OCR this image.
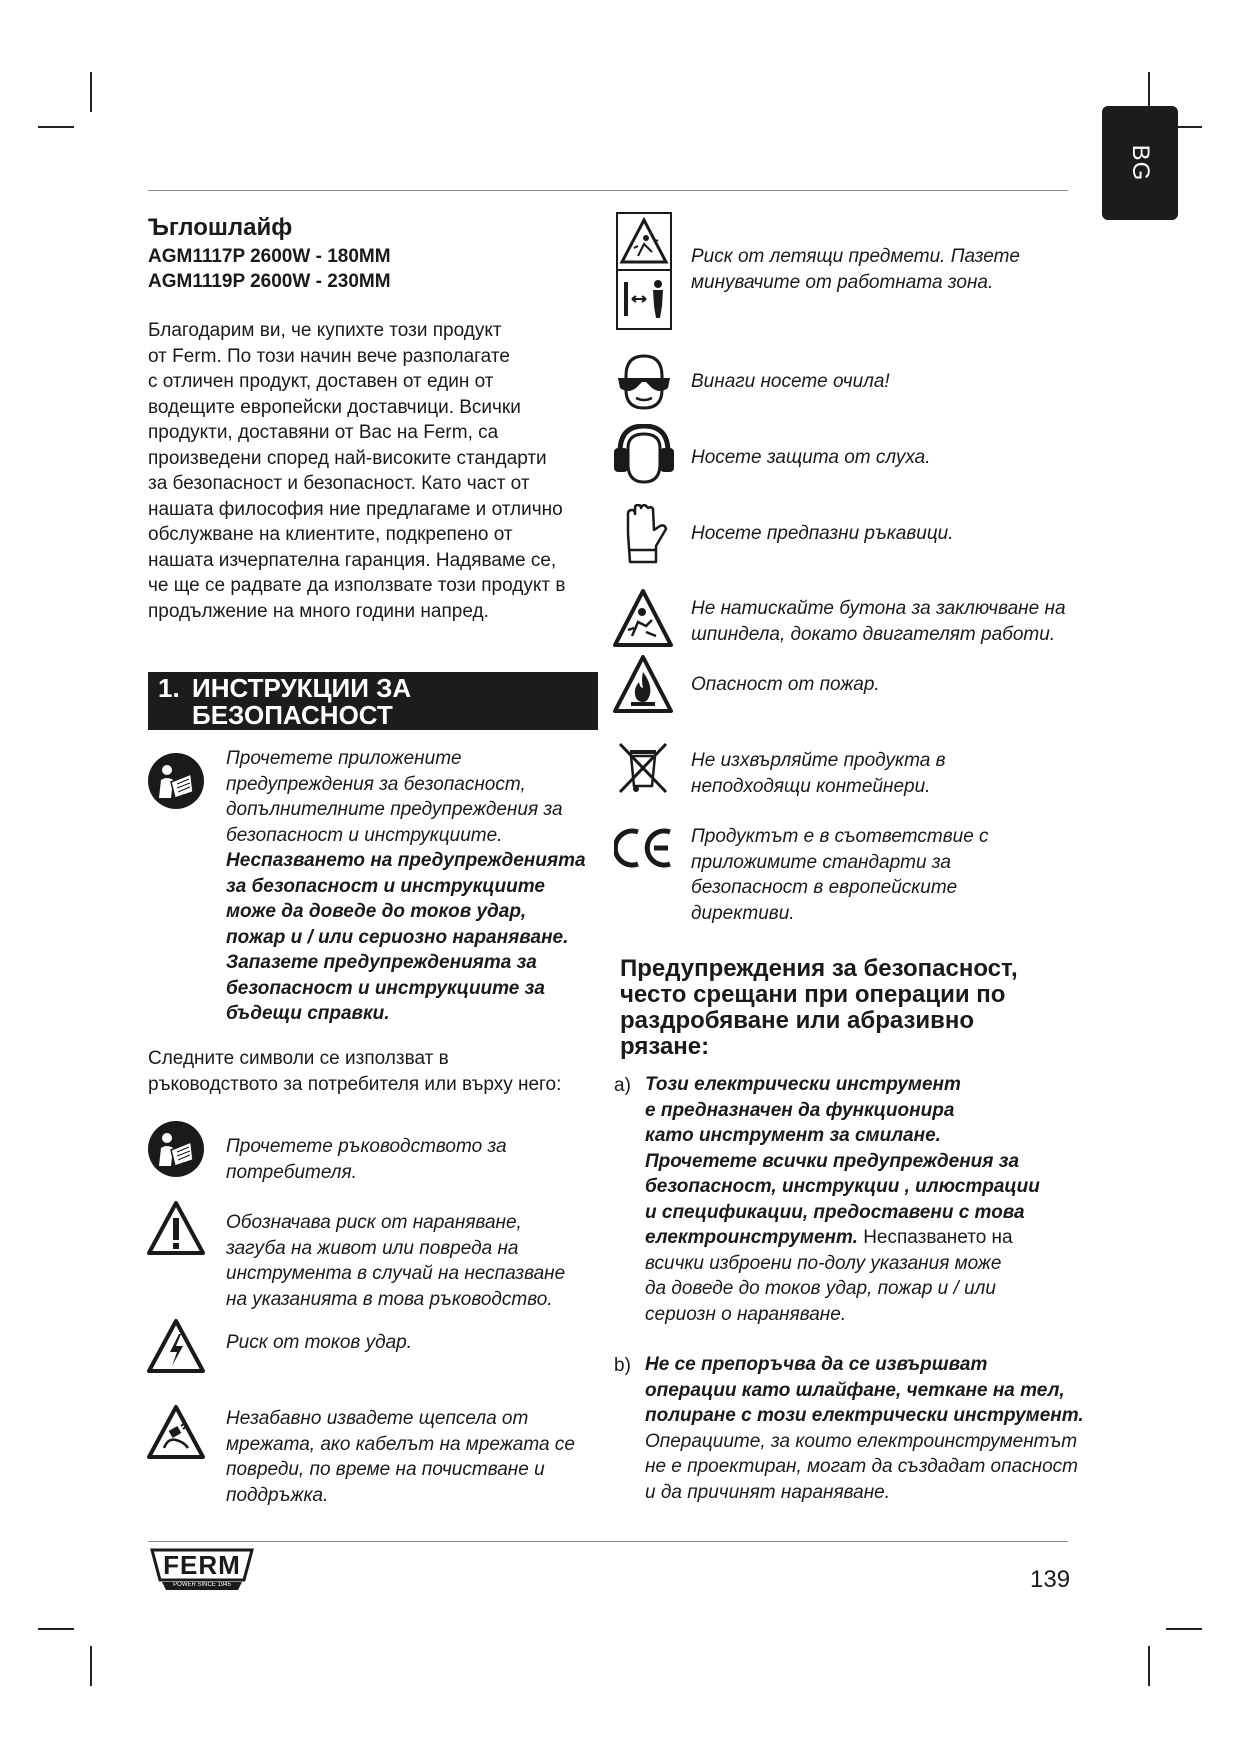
BG
Ъглошлайф
AGM1117P 2600W - 180MM
AGM1119P 2600W - 230MM
Благодарим ви, че купихте този продукт
от Ferm. По този начин вече разполагате
с отличен продукт, доставен от един от
водещите европейски доставчици. Всички
продукти, доставяни от Вас на Ferm, са
произведени според най-високите стандарти
за безопасност и безопасност. Като част от
нашата философия ние предлагаме и отлично
обслужване на клиентите, подкрепено от
нашата изчерпателна гаранция. Надяваме се,
че ще се радвате да използвате този продукт в
продължение на много години напред.
1. ИНСТРУКЦИИ ЗА
БЕЗОПАСНОСТ
Прочетете приложените
предупреждения за безопасност,
допълнителните предупреждения за
безопасност и инструкциите.
Неспазването на предупрежденията
за безопасност и инструкциите
може да доведе до токов удар,
пожар и / или сериозно нараняване.
Запазете предупрежденията за
безопасност и инструкциите за
бъдещи справки.
Следните символи се използват в
ръководството за потребителя или върху него:
Прочетете ръководството за
потребителя.
Обозначава риск от нараняване,
загуба на живот или повреда на
инструмента в случай на неспазване
на указанията в това ръководство.
Риск от токов удар.
Незабавно извадете щепсела от
мрежата, ако кабелът на мрежата се
повреди, по време на почистване и
поддръжка.
Риск от летящи предмети. Пазете
минувачите от работната зона.
Винаги носете очила!
Носете защита от слуха.
Носете предпазни ръкавици.
Не натискайте бутона за заключване на
шпиндела, докато двигателят работи.
Опасност от пожар.
Не изхвърляйте продукта в
неподходящи контейнери.
Продуктът е в съответствие с
приложимите стандарти за
безопасност в европейските
директиви.
Предупреждения за безопасност,
често срещани при операции по
раздробяване или абразивно
рязане:
a) Този електрически инструмент
е предназначен да функционира
като инструмент за смилане.
Прочетете всички предупреждения за
безопасност, инструкции , илюстрации
и спецификации, предоставени с това
електроинструмент. Неспазването на
всички изброени по-долу указания може
да доведе до токов удар, пожар и / или
сериозн о нараняване.
b) Не се препоръчва да се извършват
операции като шлайфане, четкане на тел,
полиране с този електрически инструмент.
Операциите, за които електроинструментът
не е проектиран, могат да създадат опасност
и да причинят нараняване.
FERM
POWER SINCE 1945	139
